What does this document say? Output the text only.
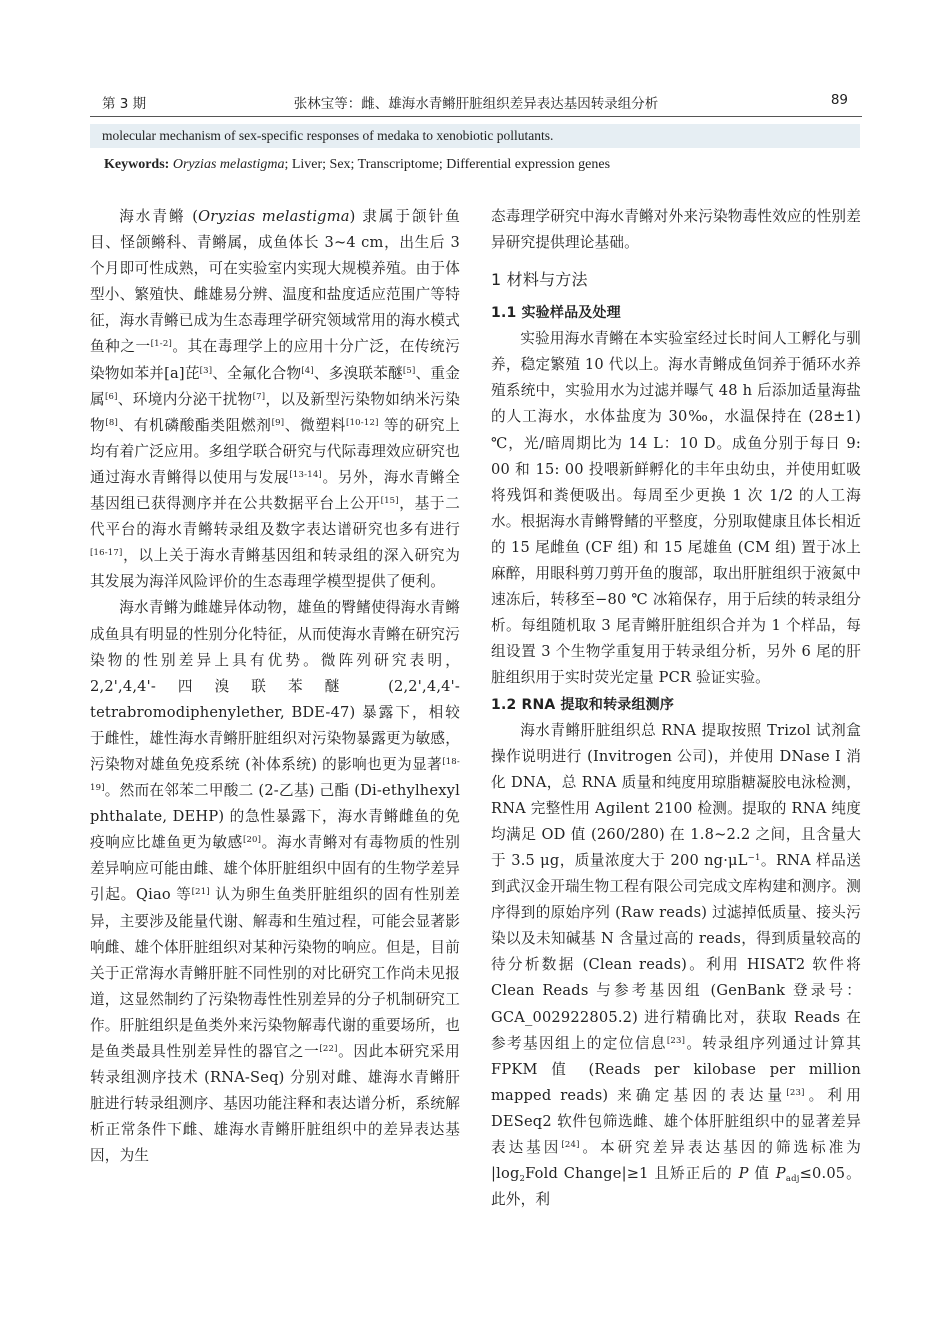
第 3 期	张林宝等：雌、雄海水青鳉肝脏组织差异表达基因转录组分析	89
molecular mechanism of sex-specific responses of medaka to xenobiotic pollutants.
Keywords: Oryzias melastigma; Liver; Sex; Transcriptome; Differential expression genes

海水青鳉 (Oryzias melastigma) 隶属于颌针鱼目、怪颌鳉科、青鳉属，成鱼体长 3~4 cm，出生后 3 个月即可性成熟，可在实验室内实现大规模养殖。由于体型小、繁殖快、雌雄易分辨、温度和盐度适应范围广等特征，海水青鳉已成为生态毒理学研究领域常用的海水模式鱼种之一[1-2]。其在毒理学上的应用十分广泛，在传统污染物如苯并[a]芘[3]、全氟化合物[4]、多溴联苯醚[5]、重金属[6]、环境内分泌干扰物[7]，以及新型污染物如纳米污染物[8]、有机磷酸酯类阻燃剂[9]、微塑料[10-12] 等的研究上均有着广泛应用。多组学联合研究与代际毒理效应研究也通过海水青鳉得以使用与发展[13-14]。另外，海水青鳉全基因组已获得测序并在公共数据平台上公开[15]，基于二代平台的海水青鳉转录组及数字表达谱研究也多有进行[16-17]，以上关于海水青鳉基因组和转录组的深入研究为其发展为海洋风险评价的生态毒理学模型提供了便利。

海水青鳉为雌雄异体动物，雄鱼的臀鳍使得海水青鳉成鱼具有明显的性别分化特征，从而使海水青鳉在研究污染物的性别差异上具有优势。微阵列研究表明，2,2',4,4'-四溴联苯醚 (2,2',4,4'-tetrabromodiphenylether, BDE-47) 暴露下，相较于雌性，雄性海水青鳉肝脏组织对污染物暴露更为敏感，污染物对雄鱼免疫系统 (补体系统) 的影响也更为显著[18-19]。然而在邻苯二甲酸二 (2-乙基) 己酯 (Di-ethylhexyl phthalate, DEHP) 的急性暴露下，海水青鳉雌鱼的免疫响应比雄鱼更为敏感[20]。海水青鳉对有毒物质的性别差异响应可能由雌、雄个体肝脏组织中固有的生物学差异引起。Qiao 等[21] 认为卵生鱼类肝脏组织的固有性别差异，主要涉及能量代谢、解毒和生殖过程，可能会显著影响雌、雄个体肝脏组织对某种污染物的响应。但是，目前关于正常海水青鳉肝脏不同性别的对比研究工作尚未见报道，这显然制约了污染物毒性性别差异的分子机制研究工作。肝脏组织是鱼类外来污染物解毒代谢的重要场所，也是鱼类最具性别差异性的器官之一[22]。因此本研究采用转录组测序技术 (RNA-Seq) 分别对雌、雄海水青鳉肝脏进行转录组测序、基因功能注释和表达谱分析，系统解析正常条件下雌、雄海水青鳉肝脏组织中的差异表达基因，为生

态毒理学研究中海水青鳉对外来污染物毒性效应的性别差异研究提供理论基础。

1 材料与方法
1.1 实验样品及处理

实验用海水青鳉在本实验室经过长时间人工孵化与驯养，稳定繁殖 10 代以上。海水青鳉成鱼饲养于循环水养殖系统中，实验用水为过滤并曝气 48 h 后添加适量海盐的人工海水，水体盐度为 30‰，水温保持在 (28±1) ℃，光/暗周期比为 14 L：10 D。成鱼分别于每日 9: 00 和 15: 00 投喂新鲜孵化的丰年虫幼虫，并使用虹吸将残饵和粪便吸出。每周至少更换 1 次 1/2 的人工海水。根据海水青鳉臀鳍的平整度，分别取健康且体长相近的 15 尾雌鱼 (CF 组) 和 15 尾雄鱼 (CM 组) 置于冰上麻醉，用眼科剪刀剪开鱼的腹部，取出肝脏组织于液氮中速冻后，转移至−80 ℃ 冰箱保存，用于后续的转录组分析。每组随机取 3 尾青鳉肝脏组织合并为 1 个样品，每组设置 3 个生物学重复用于转录组分析，另外 6 尾的肝脏组织用于实时荧光定量 PCR 验证实验。

1.2 RNA 提取和转录组测序

海水青鳉肝脏组织总 RNA 提取按照 Trizol 试剂盒操作说明进行 (Invitrogen 公司)，并使用 DNase I 消化 DNA，总 RNA 质量和纯度用琼脂糖凝胶电泳检测，RNA 完整性用 Agilent 2100 检测。提取的 RNA 纯度均满足 OD 值 (260/280) 在 1.8~2.2 之间，且含量大于 3.5 μg，质量浓度大于 200 $ng\cdot\mu L^{-1}$。RNA 样品送到武汉金开瑞生物工程有限公司完成文库构建和测序。测序得到的原始序列 (Raw reads) 过滤掉低质量、接头污染以及未知碱基 N 含量过高的 reads，得到质量较高的待分析数据 (Clean reads)。利用 HISAT2 软件将 Clean Reads 与参考基因组 (GenBank 登录号：GCA_002922805.2) 进行精确比对，获取 Reads 在参考基因组上的定位信息[23]。转录组序列通过计算其 FPKM 值 (Reads per kilobase per million mapped reads) 来确定基因的表达量[23]。利用 DESeq2 软件包筛选雌、雄个体肝脏组织中的显著差异表达基因[24]。本研究差异表达基因的筛选标准为 $|\log_2Fold$ Change|≥1 且矫正后的 P 值 $P_{adj}\le 0.05$。此外，利
